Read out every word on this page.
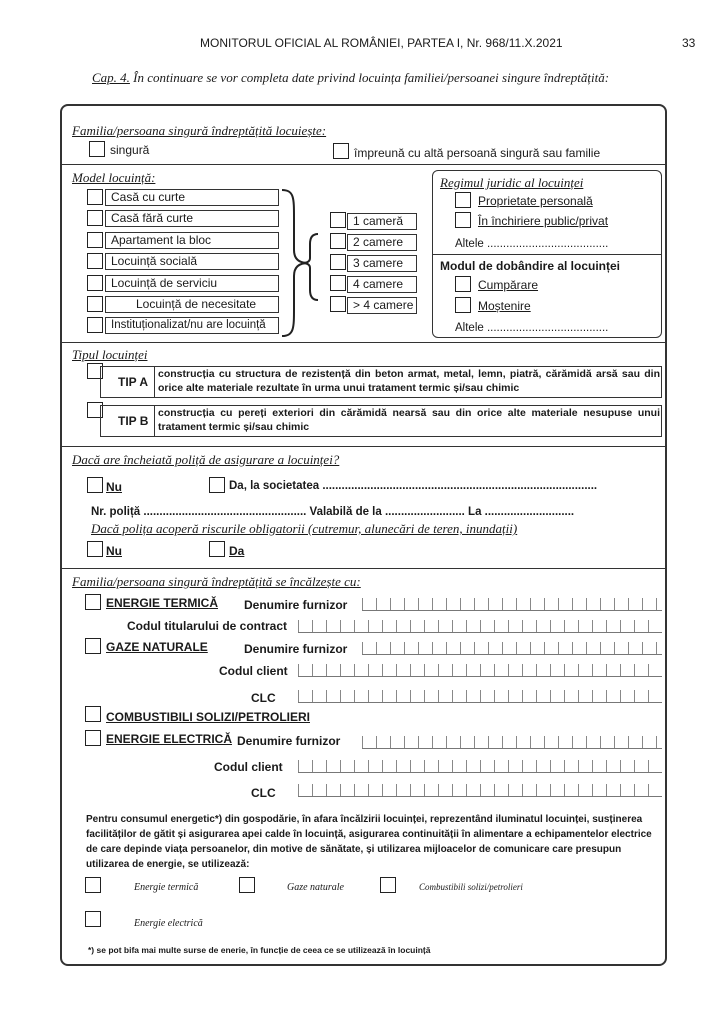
MONITORUL OFICIAL AL ROMÂNIEI, PARTEA I, Nr. 968/11.X.2021	33
Cap. 4. În continuare se vor completa date privind locuința familiei/persoanei singure îndreptățită:
Familia/persoana singură îndreptățită locuiește:
singură	împreună cu altă persoană singură sau familie
Model locuință:
Casă cu curte
Casă fără curte
Apartament la bloc
Locuință socială
Locuință de serviciu
Locuință de necesitate
Instituționalizat/nu are locuință
1 cameră
2 camere
3 camere
4 camere
> 4 camere
Regimul juridic al locuinței
Proprietate personală
În închiriere public/privat
Altele ......................................
Modul de dobândire al locuinței
Cumpărare
Moștenire
Altele ......................................
Tipul locuinței
TIP A
construcția cu structura de rezistență din beton armat, metal, lemn, piatră, cărămidă arsă sau din orice alte materiale rezultate în urma unui tratament termic și/sau chimic
TIP B
construcția cu pereți exteriori din cărămidă nearsă sau din orice alte materiale nesupuse unui tratament termic și/sau chimic
Dacă are încheiată poliță de asigurare a locuinței?
Nu	Da, la societatea ......................................................................................
Nr. poliță ................................................... Valabilă de la ......................... La ............................
Dacă polița acoperă riscurile obligatorii (cutremur, alunecări de teren, inundații)
Nu	Da
Familia/persoana singură îndreptățită se încălzește cu:
ENERGIE TERMICĂ Denumire furnizor
Codul titularului de contract
GAZE NATURALE	Denumire furnizor
Codul client
CLC
COMBUSTIBILI SOLIZI/PETROLIERI
ENERGIE ELECTRICĂ Denumire furnizor
Codul client
CLC
Pentru consumul energetic*) din gospodărie, în afara încălzirii locuinței, reprezentând iluminatul locuinței, susținerea facilităților de gătit și asigurarea apei calde în locuință, asigurarea continuității în alimentare a echipamentelor electrice de care depinde viața persoanelor, din motive de sănătate, și utilizarea mijloacelor de comunicare care presupun utilizarea de energie, se utilizează:
Energie termică	Gaze naturale	Combustibili solizi/petrolieri
Energie electrică
*) se pot bifa mai multe surse de enerie, în funcție de ceea ce se utilizează în locuință
